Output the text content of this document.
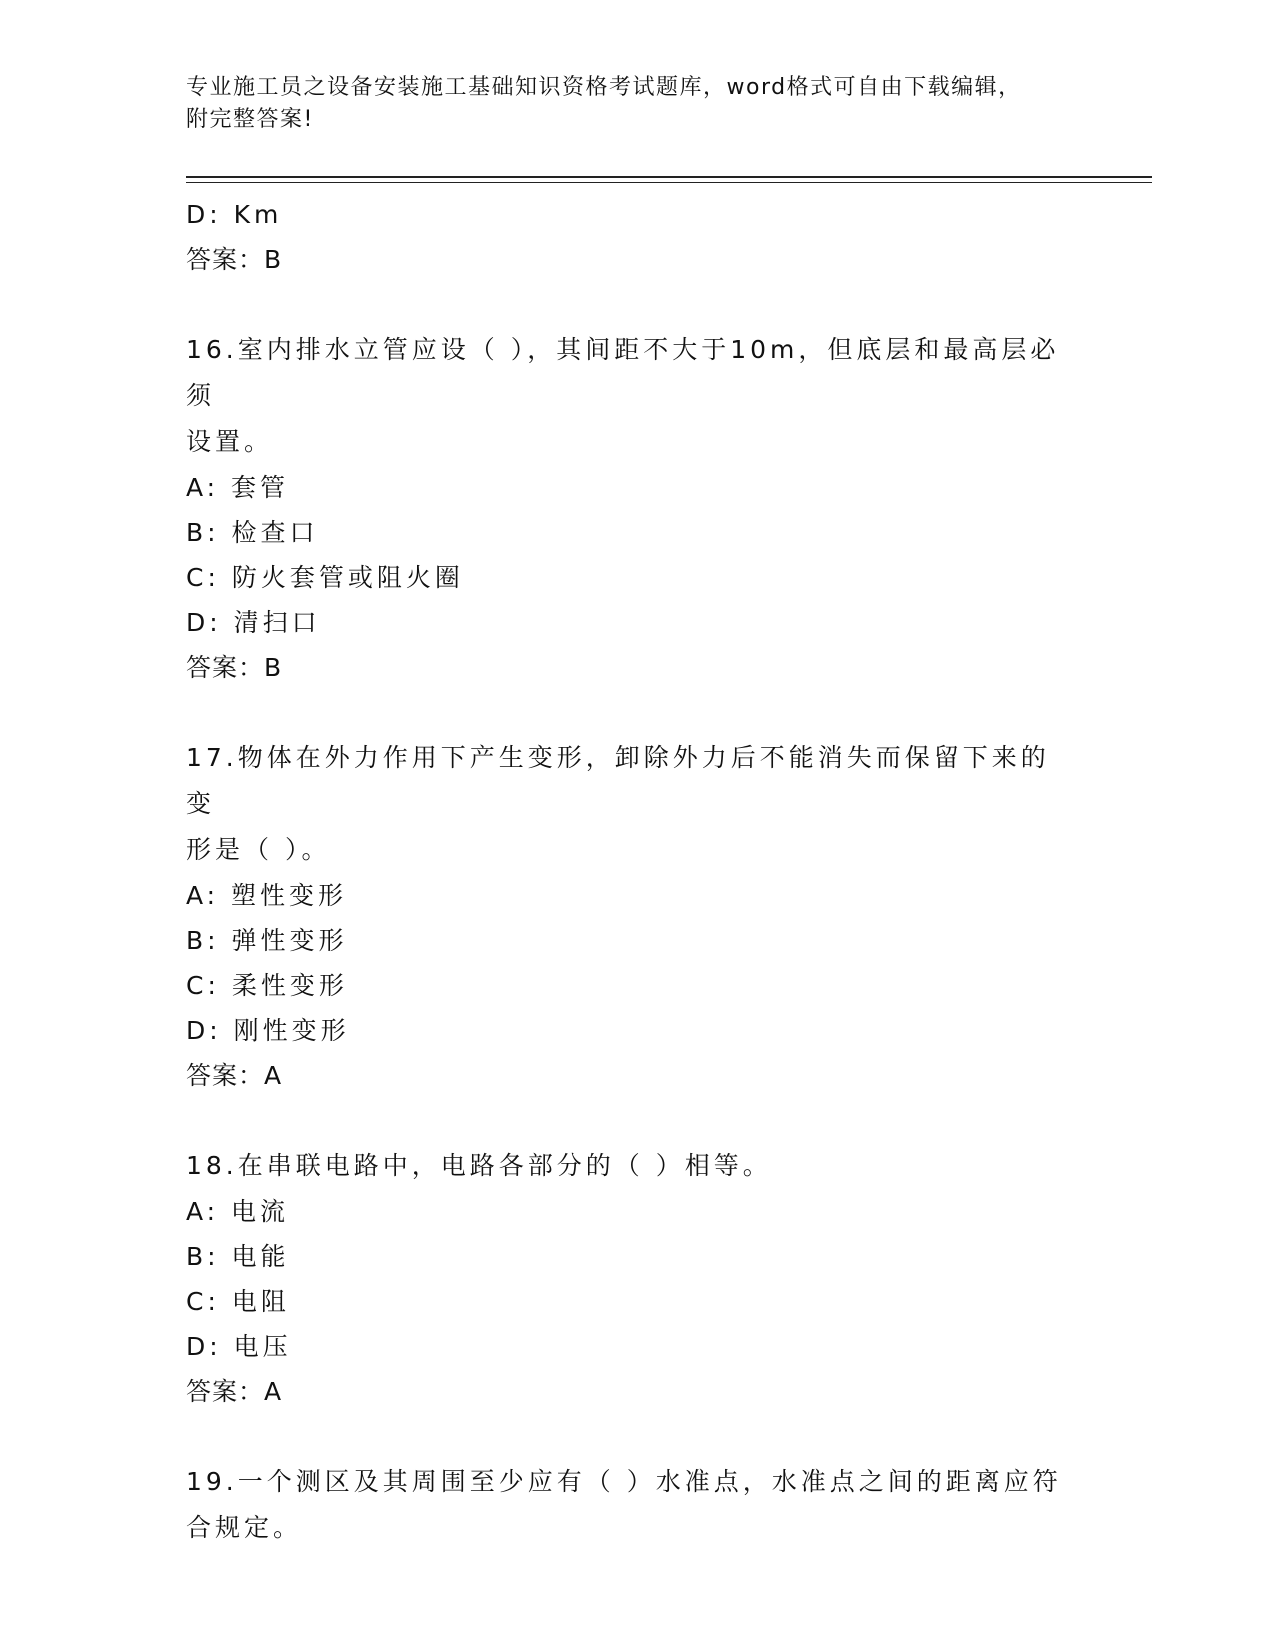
专业施工员之设备安装施工基础知识资格考试题库，word格式可自由下载编辑，
附完整答案!
D: Km
答案：B
16.室内排水立管应设（ ），其间距不大于10m，但底层和最高层必须
设置。
A: 套管
B: 检查口
C: 防火套管或阻火圈
D: 清扫口
答案：B
17.物体在外力作用下产生变形，卸除外力后不能消失而保留下来的变
形是（ ）。
A: 塑性变形
B: 弹性变形
C: 柔性变形
D: 刚性变形
答案：A
18.在串联电路中，电路各部分的（ ）相等。
A: 电流
B: 电能
C: 电阻
D: 电压
答案：A
19.一个测区及其周围至少应有（ ）水准点，水准点之间的距离应符
合规定。
